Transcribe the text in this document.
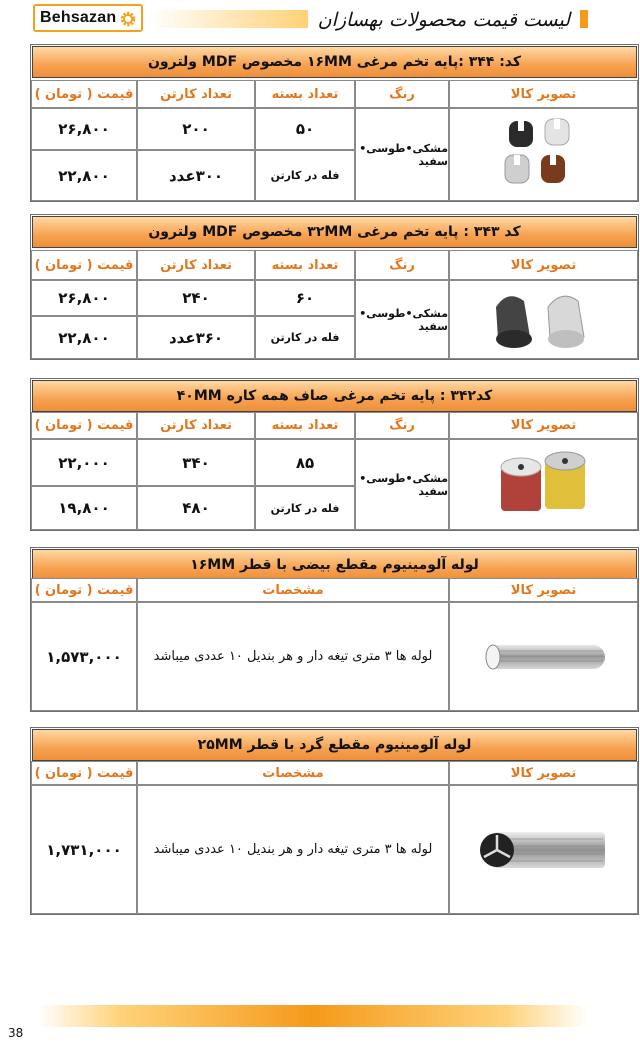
Behsazan	لیست قیمت محصولات بهسازان
کد: ۳۴۴ :پایه تخم مرغی ۱۶MM مخصوص MDF ولترون
قیمت ( تومان )	تعداد کارتن	تعداد بسته	رنگ	تصویر کالا
۲۶,۸۰۰	۲۰۰	۵۰
۲۲,۸۰۰	۳۰۰عدد	فله در کارتن
مشکی•طوسی• سفید
کد ۳۴۳ : پایه تخم مرغی ۳۲MM مخصوص MDF ولترون
قیمت ( تومان )	تعداد کارتن	تعداد بسته	رنگ	تصویر کالا
۲۶,۸۰۰	۲۴۰	۶۰
۲۲,۸۰۰	۳۶۰عدد	فله در کارتن
مشکی•طوسی• سفید
کد۳۴۲ : پایه تخم مرغی صاف همه کاره ۴۰MM
قیمت ( تومان )	تعداد کارتن	تعداد بسته	رنگ	تصویر کالا
۲۲,۰۰۰	۳۴۰	۸۵
۱۹,۸۰۰	۴۸۰	فله در کارتن
مشکی•طوسی• سفید
لوله آلومینیوم مقطع بیضی با قطر ۱۶MM
قیمت ( تومان )	مشخصات	تصویر کالا
۱,۵۷۳,۰۰۰	لوله ها ۳ متری تیغه دار و هر بندیل ۱۰ عددی میباشد
لوله آلومینیوم مقطع گرد با قطر ۲۵MM
قیمت ( تومان )	مشخصات	تصویر کالا
۱,۷۳۱,۰۰۰	لوله ها ۳ متری تیغه دار و هر بندیل ۱۰ عددی میباشد
38
